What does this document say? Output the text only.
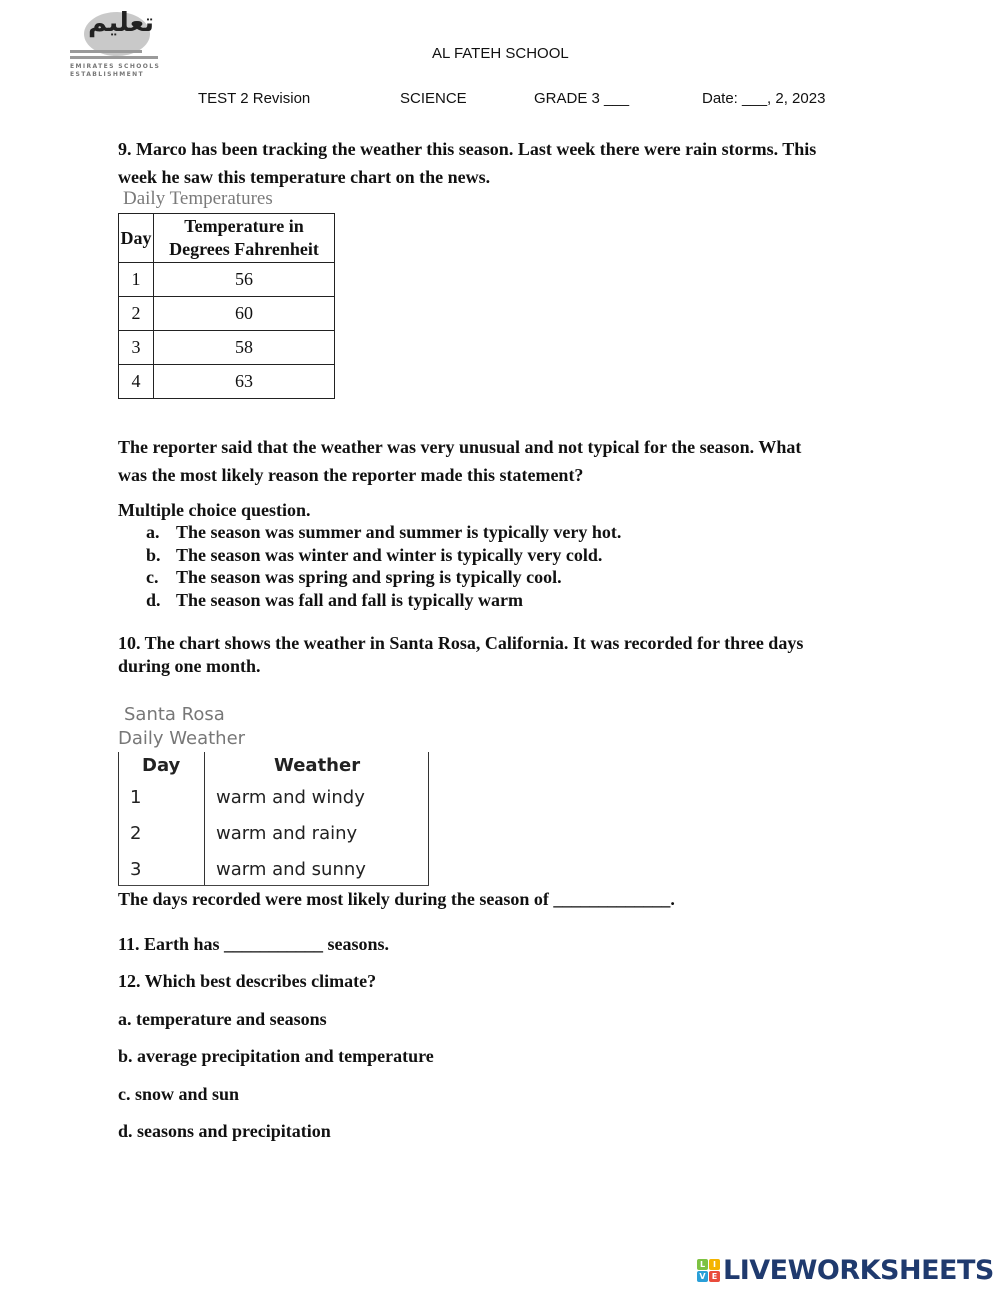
تعليم
EMIRATES SCHOOLS
ESTABLISHMENT
AL FATEH SCHOOL
TEST 2 Revision	SCIENCE	GRADE 3 ___	Date: ___, 2, 2023
9. Marco has been tracking the weather this season. Last week there were rain storms. This
week he saw this temperature chart on the news.
Daily Temperatures
Day	Temperature in
Degrees Fahrenheit

1	56
2	60
3	58
4	63
The reporter said that the weather was very unusual and not typical for the season. What
was the most likely reason the reporter made this statement?
Multiple choice question.
a. The season was summer and summer is typically very hot.
b. The season was winter and winter is typically very cold.
c. The season was spring and spring is typically cool.
d. The season was fall and fall is typically warm
10. The chart shows the weather in Santa Rosa, California. It was recorded for three days
during one month.
Santa Rosa
Daily Weather
Day	Weather
1	warm and windy
2	warm and rainy
3	warm and sunny
The days recorded were most likely during the season of _____________.
11. Earth has ___________ seasons.
12. Which best describes climate?
a. temperature and seasons
b. average precipitation and temperature
c. snow and sun
d. seasons and precipitation
L I
V E LIVEWORKSHEETS
